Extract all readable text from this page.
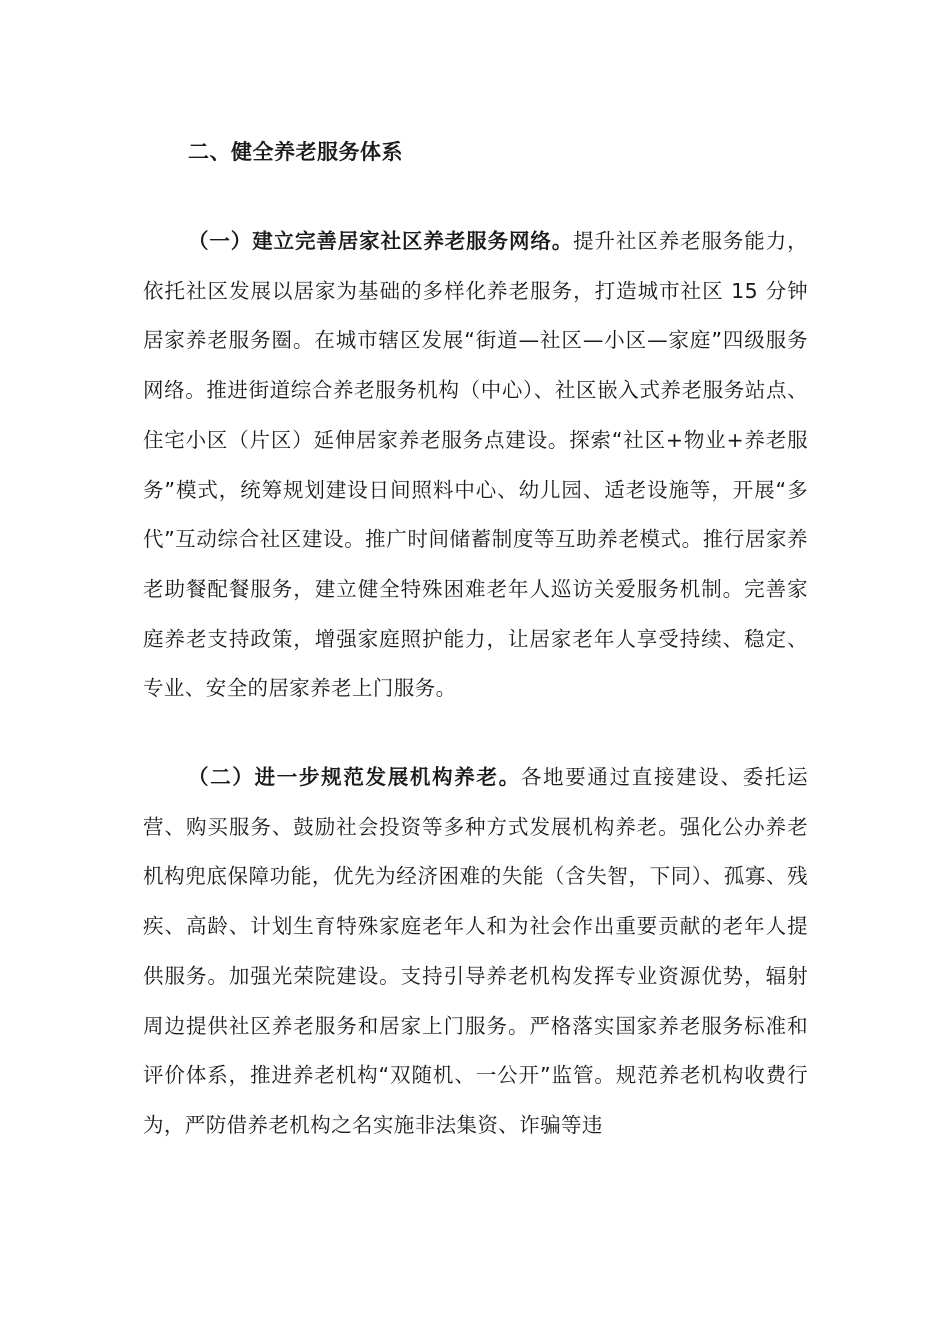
二、健全养老服务体系

（一）建立完善居家社区养老服务网络。提升社区养老服务能力，依托社区发展以居家为基础的多样化养老服务，打造城市社区 15 分钟居家养老服务圈。在城市辖区发展“街道—社区—小区—家庭”四级服务网络。推进街道综合养老服务机构（中心）、社区嵌入式养老服务站点、住宅小区（片区）延伸居家养老服务点建设。探索“社区+物业+养老服务”模式，统筹规划建设日间照料中心、幼儿园、适老设施等，开展“多代”互动综合社区建设。推广时间储蓄制度等互助养老模式。推行居家养老助餐配餐服务，建立健全特殊困难老年人巡访关爱服务机制。完善家庭养老支持政策，增强家庭照护能力，让居家老年人享受持续、稳定、专业、安全的居家养老上门服务。

（二）进一步规范发展机构养老。各地要通过直接建设、委托运营、购买服务、鼓励社会投资等多种方式发展机构养老。强化公办养老机构兜底保障功能，优先为经济困难的失能（含失智，下同）、孤寡、残疾、高龄、计划生育特殊家庭老年人和为社会作出重要贡献的老年人提供服务。加强光荣院建设。支持引导养老机构发挥专业资源优势，辐射周边提供社区养老服务和居家上门服务。严格落实国家养老服务标准和评价体系，推进养老机构“双随机、一公开”监管。规范养老机构收费行为，严防借养老机构之名实施非法集资、诈骗等违
